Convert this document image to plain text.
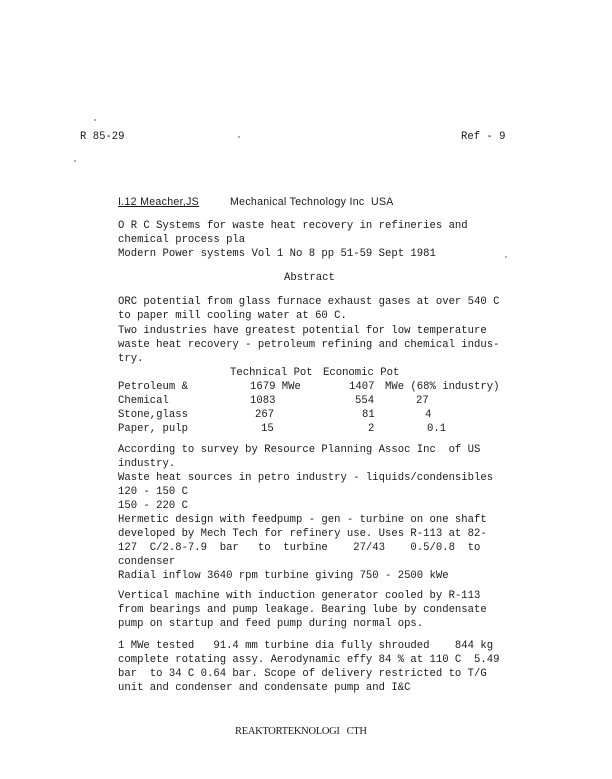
R 85-29	Ref - 9
I.12 Meacher,JS	Mechanical Technology Inc  USA
O R C Systems for waste heat recovery in refineries and
chemical process pla
Modern Power systems Vol 1 No 8 pp 51-59 Sept 1981
Abstract
ORC potential from glass furnace exhaust gases at over 540 C
to paper mill cooling water at 60 C.
Two industries have greatest potential for low temperature
waste heat recovery - petroleum refining and chemical indus-
try.
Technical Pot Economic Pot
Petroleum &	1679 MWe	1407 MWe (68% industry)
Chemical	1083	554	27
Stone,glass	267	81	4
Paper, pulp	15	2	0.1
According to survey by Resource Planning Assoc Inc  of US
industry.
Waste heat sources in petro industry - liquids/condensibles
120 - 150 C
150 - 220 C
Hermetic design with feedpump - gen - turbine on one shaft
developed by Mech Tech for refinery use. Uses R-113 at 82-
127  C/2.8-7.9  bar   to  turbine    27/43    0.5/0.8  to
condenser
Radial inflow 3640 rpm turbine giving 750 - 2500 kWe
Vertical machine with induction generator cooled by R-113
from bearings and pump leakage. Bearing lube by condensate
pump on startup and feed pump during normal ops.
1 MWe tested   91.4 mm turbine dia fully shrouded    844 kg
complete rotating assy. Aerodynamic effy 84 % at 110 C  5.49
bar  to 34 C 0.64 bar. Scope of delivery restricted to T/G
unit and condenser and condensate pump and I&C
REAKTORTEKNOLOGI   CTH
